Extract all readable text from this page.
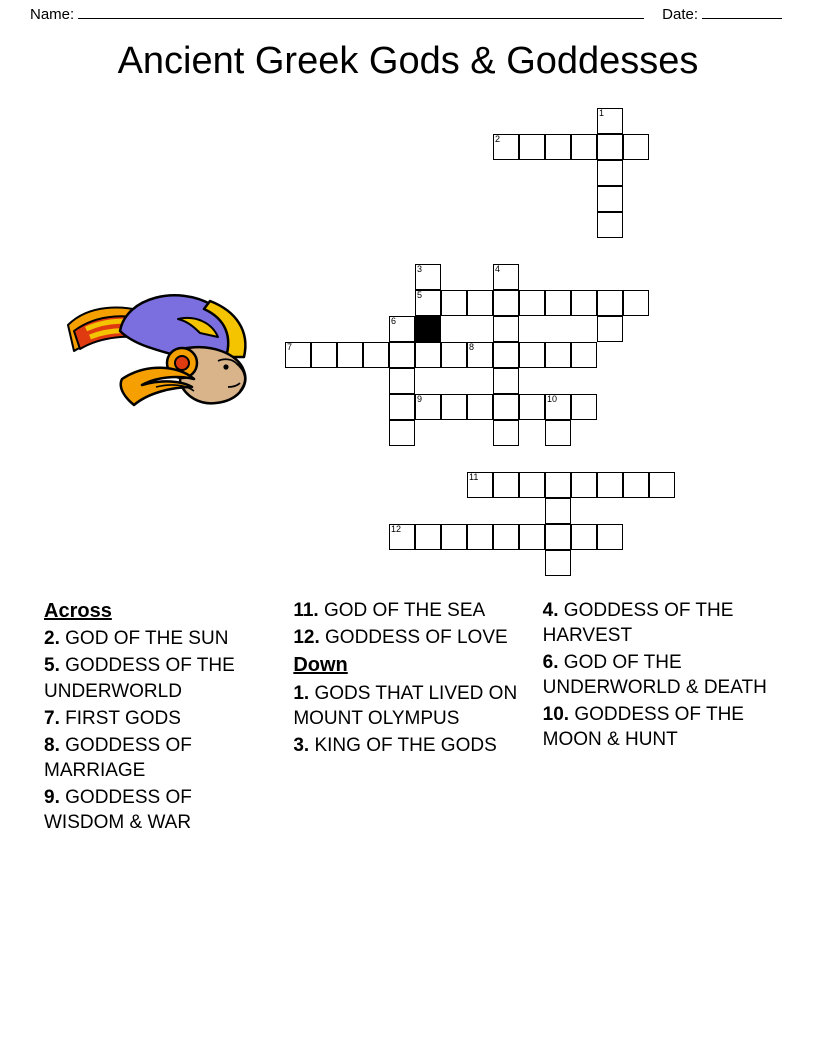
Name:	Date:
Ancient Greek Gods & Goddesses
1
2
3	4
5
6
7	8
9	10
11
12
Across
2. GOD OF THE SUN
5. GODDESS OF THE UNDERWORLD
7. FIRST GODS
8. GODDESS OF MARRIAGE
9. GODDESS OF WISDOM & WAR
11. GOD OF THE SEA
12. GODDESS OF LOVE
Down
1. GODS THAT LIVED ON MOUNT OLYMPUS
3. KING OF THE GODS
4. GODDESS OF THE HARVEST
6. GOD OF THE UNDERWORLD & DEATH
10. GODDESS OF THE MOON & HUNT
